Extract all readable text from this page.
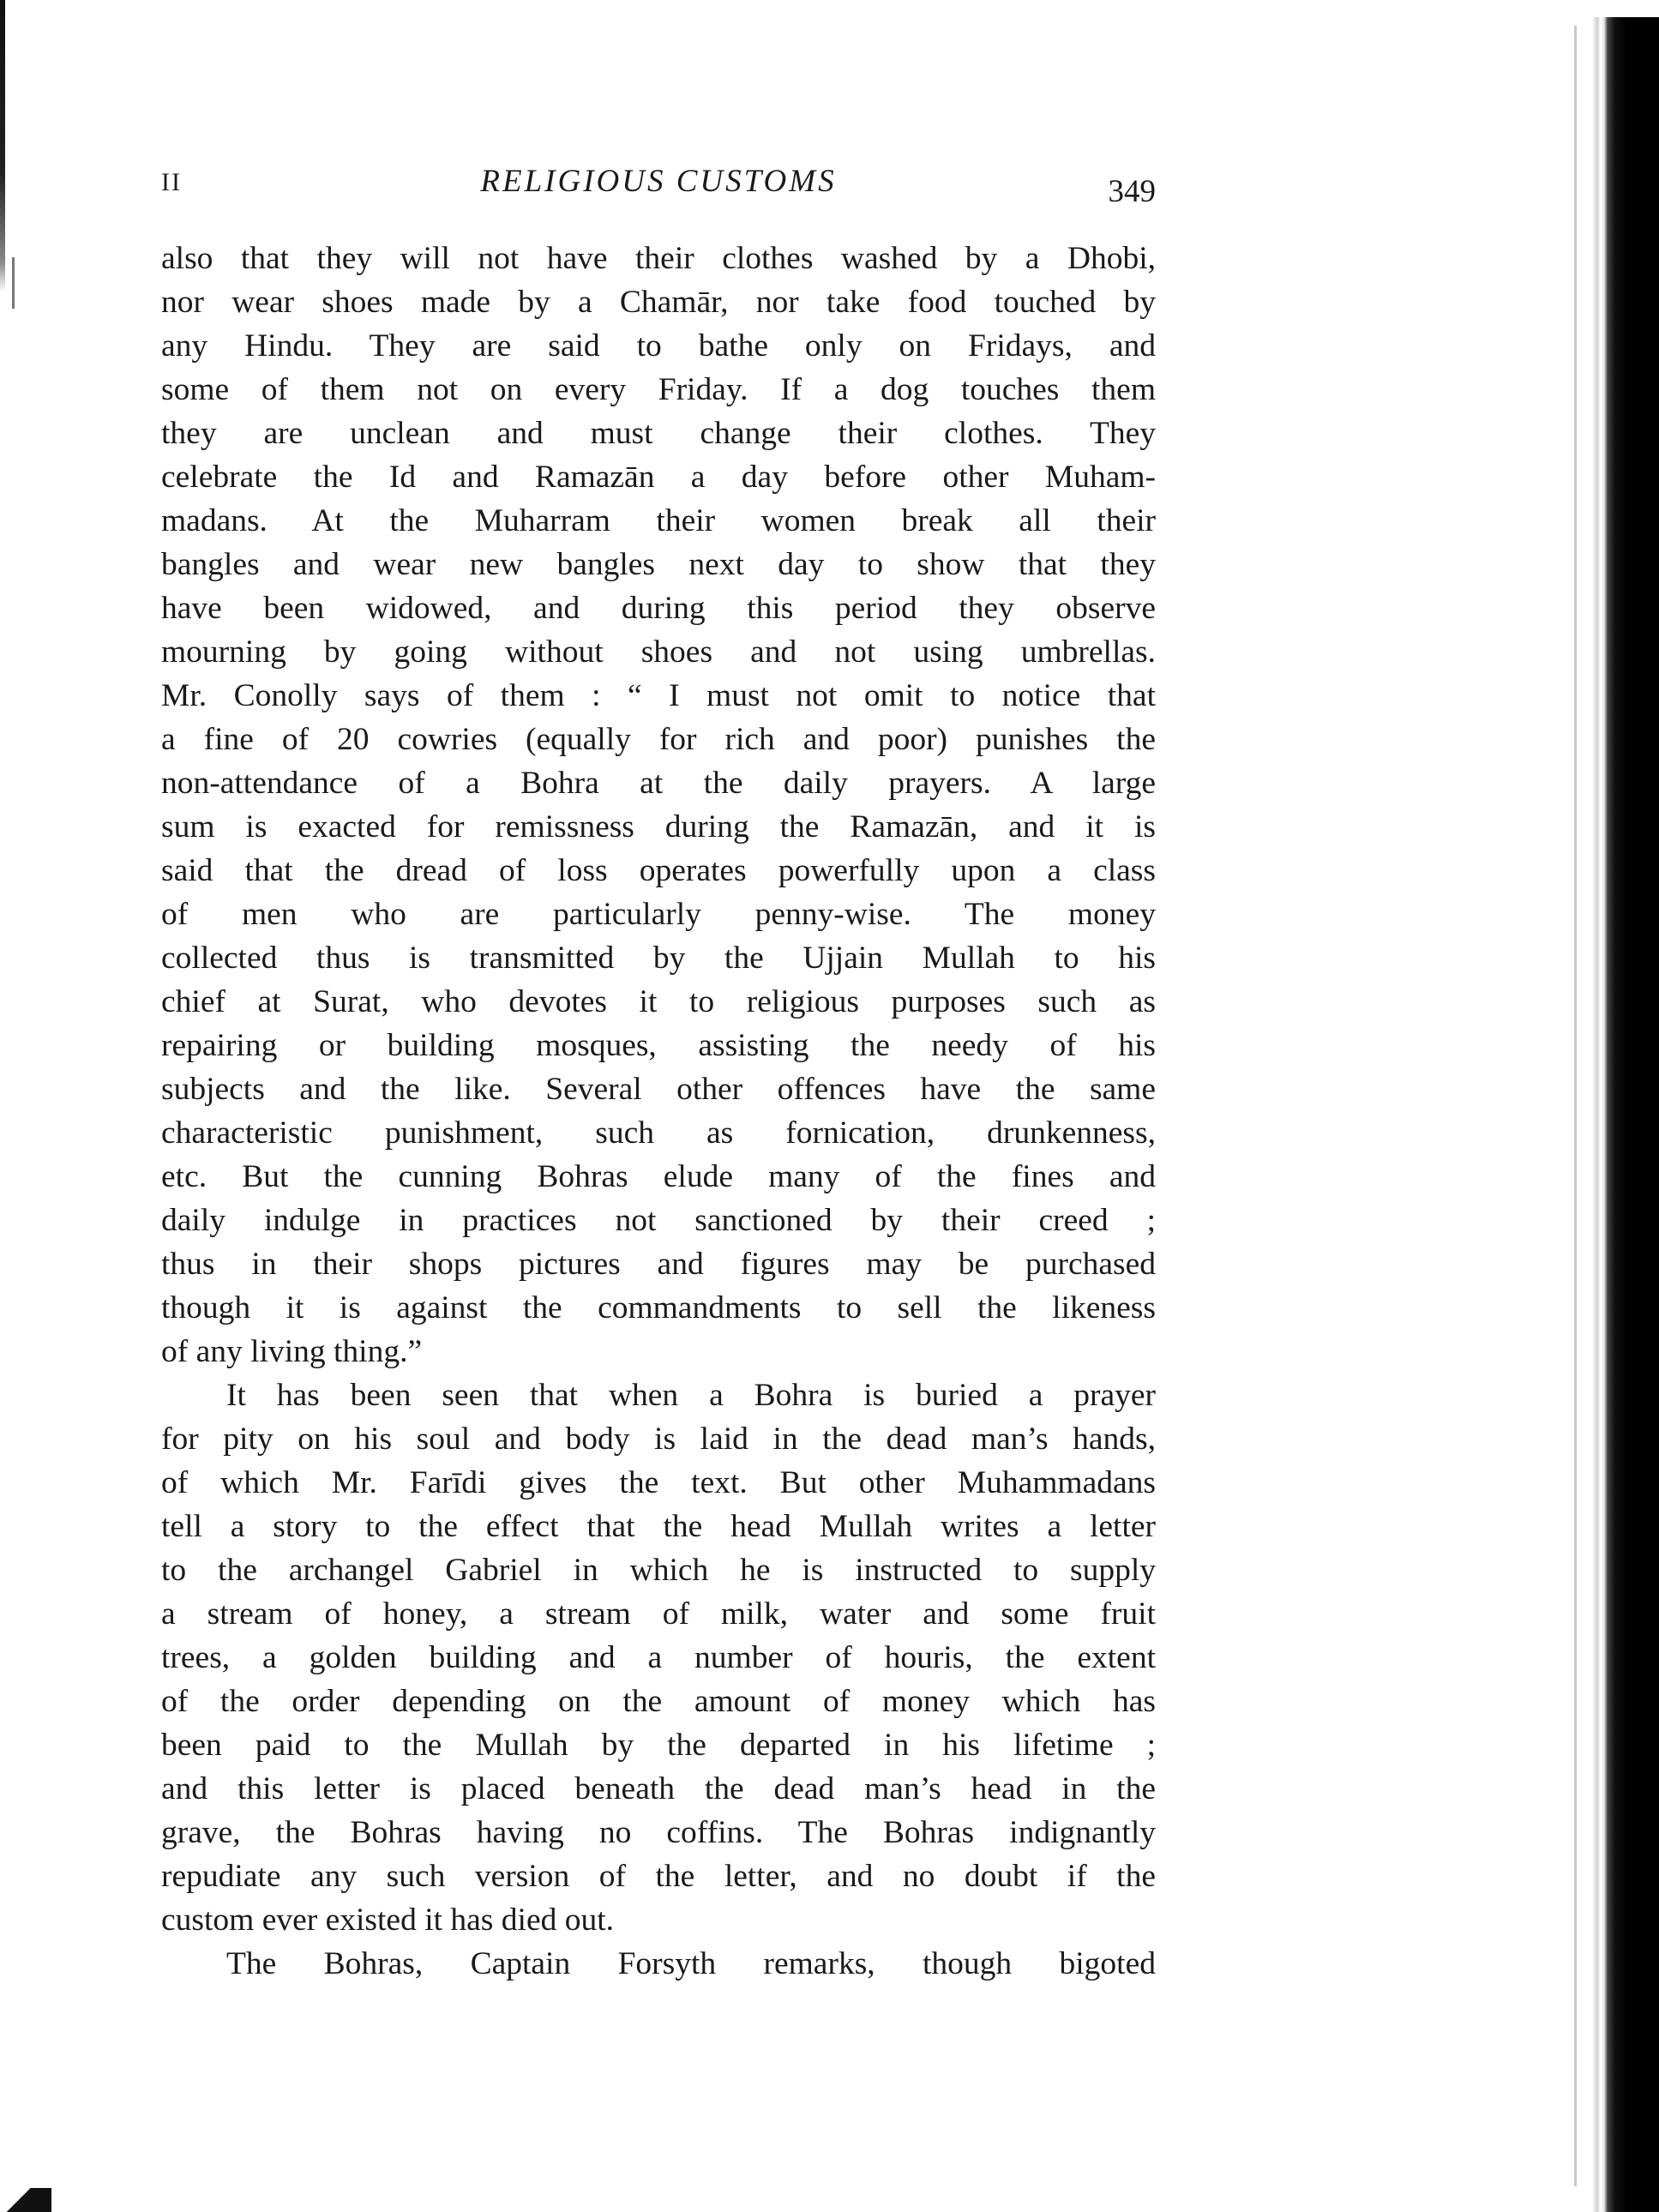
II	RELIGIOUS CUSTOMS	349
also that they will not have their clothes washed by a Dhobi,
nor wear shoes made by a Chamār, nor take food touched by
any Hindu. They are said to bathe only on Fridays, and
some of them not on every Friday. If a dog touches them
they are unclean and must change their clothes. They
celebrate the Id and Ramazān a day before other Muham-
madans. At the Muharram their women break all their
bangles and wear new bangles next day to show that they
have been widowed, and during this period they observe
mourning by going without shoes and not using umbrellas.
Mr. Conolly says of them : “ I must not omit to notice that
a fine of 20 cowries (equally for rich and poor) punishes the
non-attendance of a Bohra at the daily prayers. A large
sum is exacted for remissness during the Ramazān, and it is
said that the dread of loss operates powerfully upon a class
of men who are particularly penny-wise. The money
collected thus is transmitted by the Ujjain Mullah to his
chief at Surat, who devotes it to religious purposes such as
repairing or building mosques, assisting the needy of his
subjects and the like. Several other offences have the same
characteristic punishment, such as fornication, drunkenness,
etc. But the cunning Bohras elude many of the fines and
daily indulge in practices not sanctioned by their creed ;
thus in their shops pictures and figures may be purchased
though it is against the commandments to sell the likeness
of any living thing.”
It has been seen that when a Bohra is buried a prayer
for pity on his soul and body is laid in the dead man’s hands,
of which Mr. Farīdi gives the text. But other Muhammadans
tell a story to the effect that the head Mullah writes a letter
to the archangel Gabriel in which he is instructed to supply
a stream of honey, a stream of milk, water and some fruit
trees, a golden building and a number of houris, the extent
of the order depending on the amount of money which has
been paid to the Mullah by the departed in his lifetime ;
and this letter is placed beneath the dead man’s head in the
grave, the Bohras having no coffins. The Bohras indignantly
repudiate any such version of the letter, and no doubt if the
custom ever existed it has died out.
The Bohras, Captain Forsyth remarks, though bigoted
